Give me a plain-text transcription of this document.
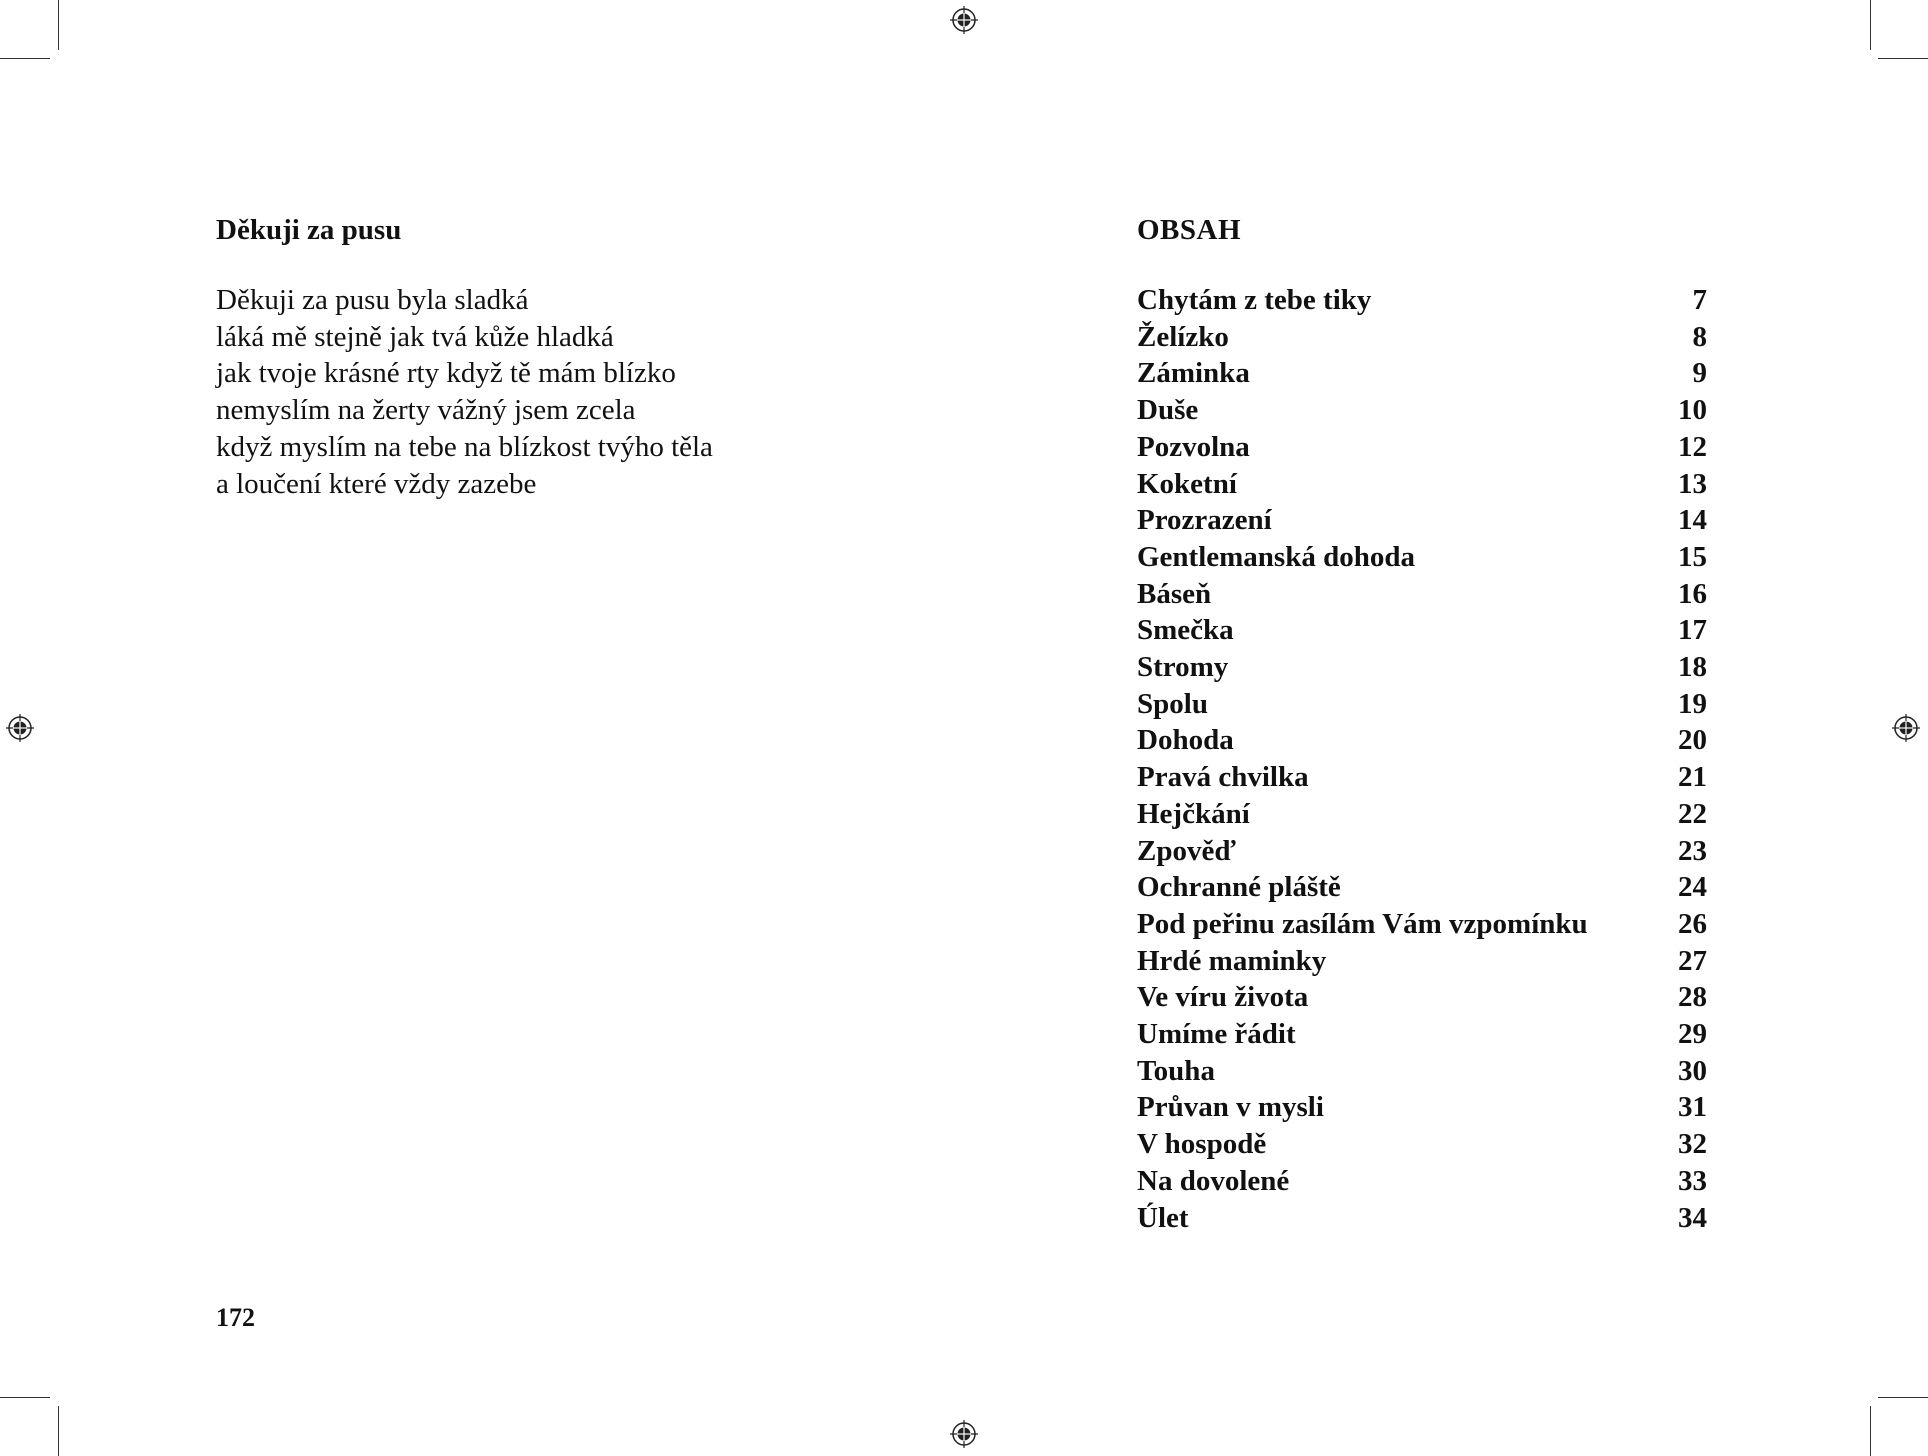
Děkuji za pusu
Děkuji za pusu byla sladká
láká mě stejně jak tvá kůže hladká
jak tvoje krásné rty když tě mám blízko
nemyslím na žerty vážný jsem zcela
když myslím na tebe na blízkost tvýho těla
a loučení které vždy zazebe
172
OBSAH
Chytám z tebe tiky	7
Želízko	8
Záminka	9
Duše	10
Pozvolna	12
Koketní	13
Prozrazení	14
Gentlemanská dohoda	15
Báseň	16
Smečka	17
Stromy	18
Spolu	19
Dohoda	20
Pravá chvilka	21
Hejčkání	22
Zpověď	23
Ochranné pláště	24
Pod peřinu zasílám Vám vzpomínku	26
Hrdé maminky	27
Ve víru života	28
Umíme řádit	29
Touha	30
Průvan v mysli	31
V hospodě	32
Na dovolené	33
Úlet	34
